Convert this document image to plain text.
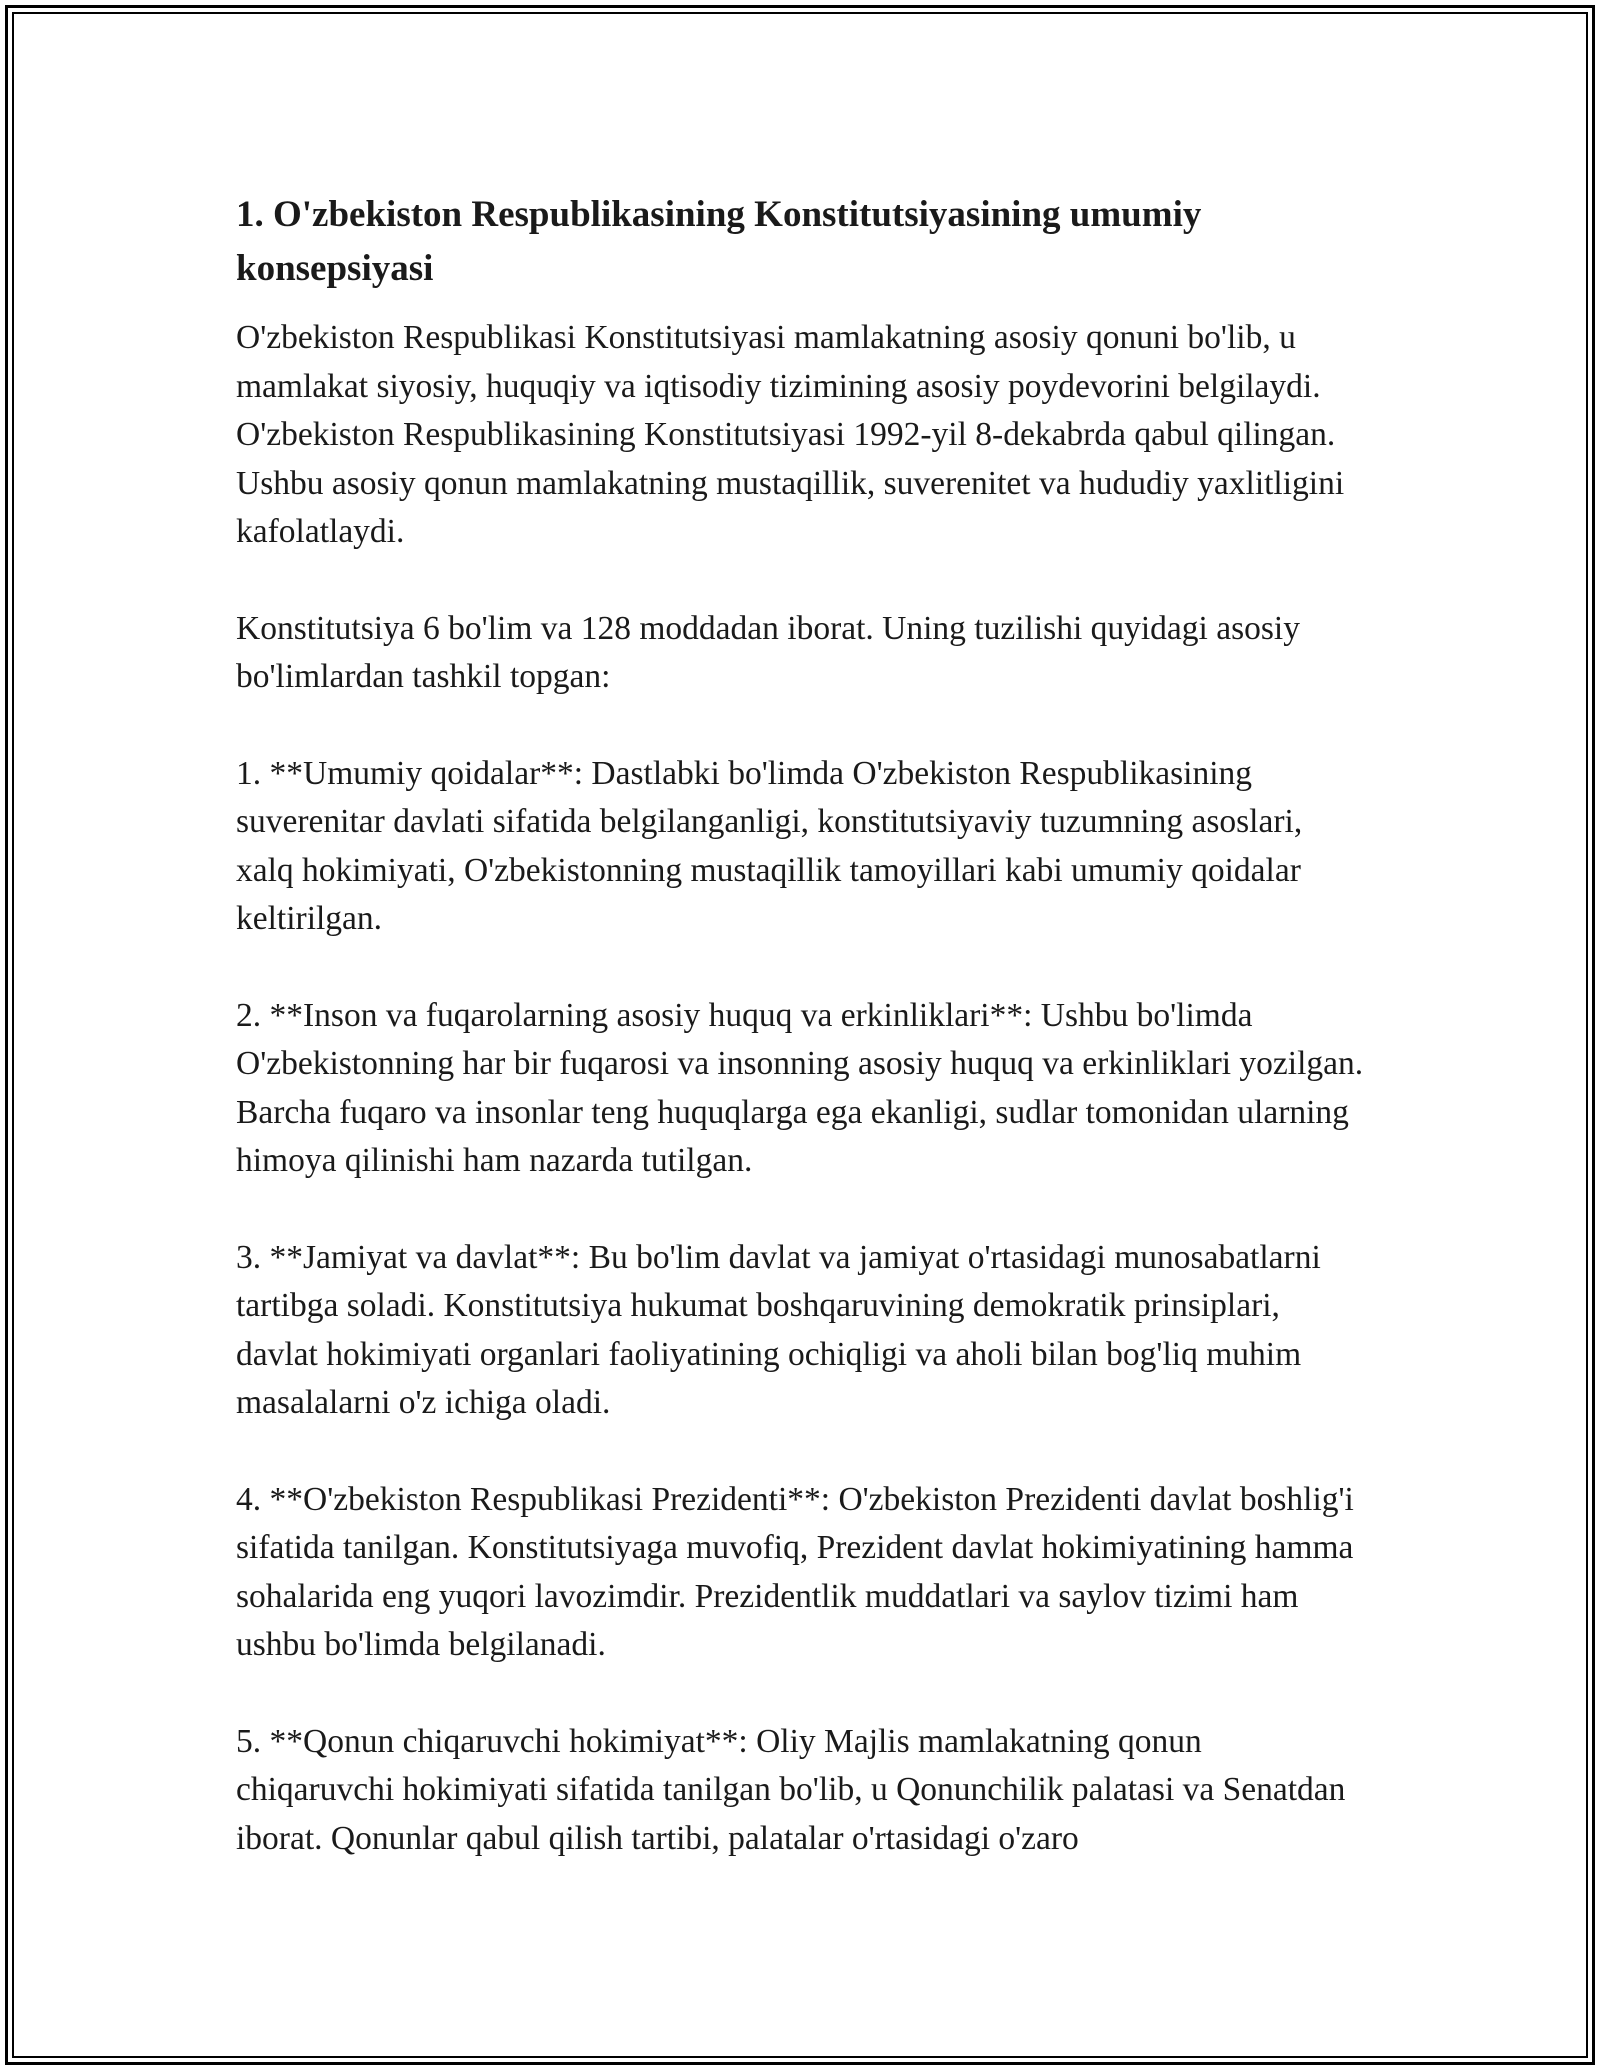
1. O'zbekiston Respublikasining Konstitutsiyasining umumiy konsepsiyasi

O'zbekiston Respublikasi Konstitutsiyasi mamlakatning asosiy qonuni bo'lib, u mamlakat siyosiy, huquqiy va iqtisodiy tizimining asosiy poydevorini belgilaydi. O'zbekiston Respublikasining Konstitutsiyasi 1992-yil 8-dekabrda qabul qilingan. Ushbu asosiy qonun mamlakatning mustaqillik, suverenitet va hududiy yaxlitligini kafolatlaydi.

Konstitutsiya 6 bo'lim va 128 moddadan iborat. Uning tuzilishi quyidagi asosiy bo'limlardan tashkil topgan:

1. **Umumiy qoidalar**: Dastlabki bo'limda O'zbekiston Respublikasining suverenitar davlati sifatida belgilanganligi, konstitutsiyaviy tuzumning asoslari, xalq hokimiyati, O'zbekistonning mustaqillik tamoyillari kabi umumiy qoidalar keltirilgan.

2. **Inson va fuqarolarning asosiy huquq va erkinliklari**: Ushbu bo'limda O'zbekistonning har bir fuqarosi va insonning asosiy huquq va erkinliklari yozilgan. Barcha fuqaro va insonlar teng huquqlarga ega ekanligi, sudlar tomonidan ularning himoya qilinishi ham nazarda tutilgan.

3. **Jamiyat va davlat**: Bu bo'lim davlat va jamiyat o'rtasidagi munosabatlarni tartibga soladi. Konstitutsiya hukumat boshqaruvining demokratik prinsiplari, davlat hokimiyati organlari faoliyatining ochiqligi va aholi bilan bog'liq muhim masalalarni o'z ichiga oladi.

4. **O'zbekiston Respublikasi Prezidenti**: O'zbekiston Prezidenti davlat boshlig'i sifatida tanilgan. Konstitutsiyaga muvofiq, Prezident davlat hokimiyatining hamma sohalarida eng yuqori lavozimdir. Prezidentlik muddatlari va saylov tizimi ham ushbu bo'limda belgilanadi.

5. **Qonun chiqaruvchi hokimiyat**: Oliy Majlis mamlakatning qonun chiqaruvchi hokimiyati sifatida tanilgan bo'lib, u Qonunchilik palatasi va Senatdan iborat. Qonunlar qabul qilish tartibi, palatalar o'rtasidagi o'zaro
